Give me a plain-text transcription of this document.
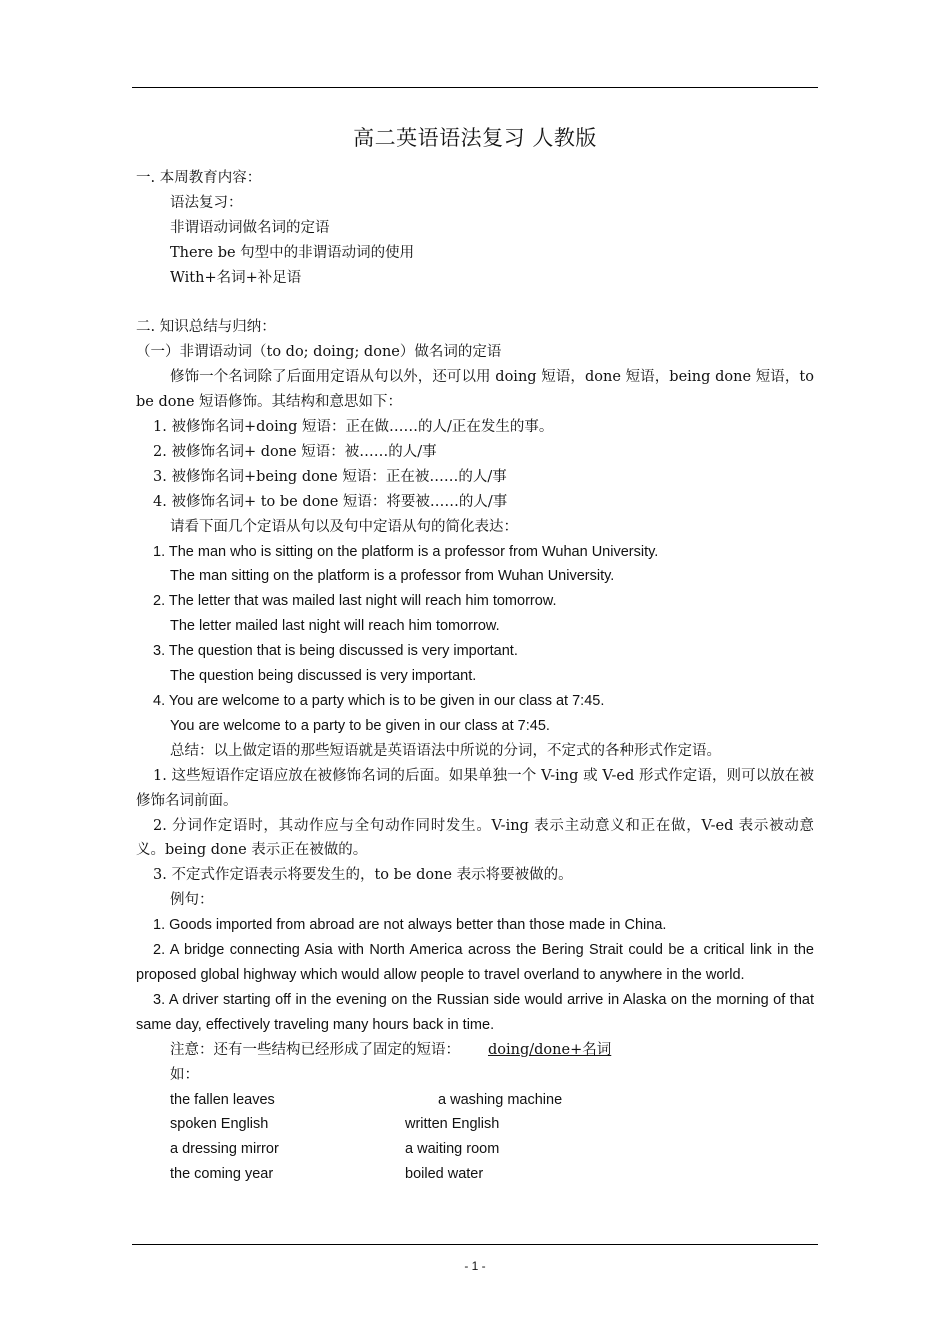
高二英语语法复习 人教版

一. 本周教育内容：

语法复习：

非谓语动词做名词的定语

There be 句型中的非谓语动词的使用

With+名词+补足语

二. 知识总结与归纳：

（一）非谓语动词（to do; doing; done）做名词的定语

修饰一个名词除了后面用定语从句以外，还可以用 doing 短语，done 短语，being done 短语，to be done 短语修饰。其结构和意思如下：

1. 被修饰名词+doing 短语：正在做……的人/正在发生的事。

2. 被修饰名词+ done 短语：被……的人/事

3. 被修饰名词+being done 短语：正在被……的人/事

4. 被修饰名词+ to be done 短语：将要被……的人/事

请看下面几个定语从句以及句中定语从句的简化表达：

1. The man who is sitting on the platform is a professor from Wuhan University.

The man sitting on the platform is a professor from Wuhan University.

2. The letter that was mailed last night will reach him tomorrow.

The letter mailed last night will reach him tomorrow.

3. The question that is being discussed is very important.

The question being discussed is very important.

4. You are welcome to a party which is to be given in our class at 7:45.

You are welcome to a party to be given in our class at 7:45.

总结：以上做定语的那些短语就是英语语法中所说的分词，不定式的各种形式作定语。

1. 这些短语作定语应放在被修饰名词的后面。如果单独一个 V-ing 或 V-ed 形式作定语，则可以放在被修饰名词前面。

2. 分词作定语时，其动作应与全句动作同时发生。V-ing 表示主动意义和正在做，V-ed 表示被动意义。being done 表示正在被做的。

3. 不定式作定语表示将要发生的，to be done 表示将要被做的。

例句：

1. Goods imported from abroad are not always better than those made in China.

2. A bridge connecting Asia with North America across the Bering Strait could be a critical link in the proposed global highway which would allow people to travel overland to anywhere in the world.

3. A driver starting off in the evening on the Russian side would arrive in Alaska on the morning of that same day, effectively traveling many hours back in time.

注意：还有一些结构已经形成了固定的短语： doing/done+名词

如：

the fallen leaves	a washing machine
spoken English	written English
a dressing mirror	a waiting room
the coming year	boiled water
- 1 -
